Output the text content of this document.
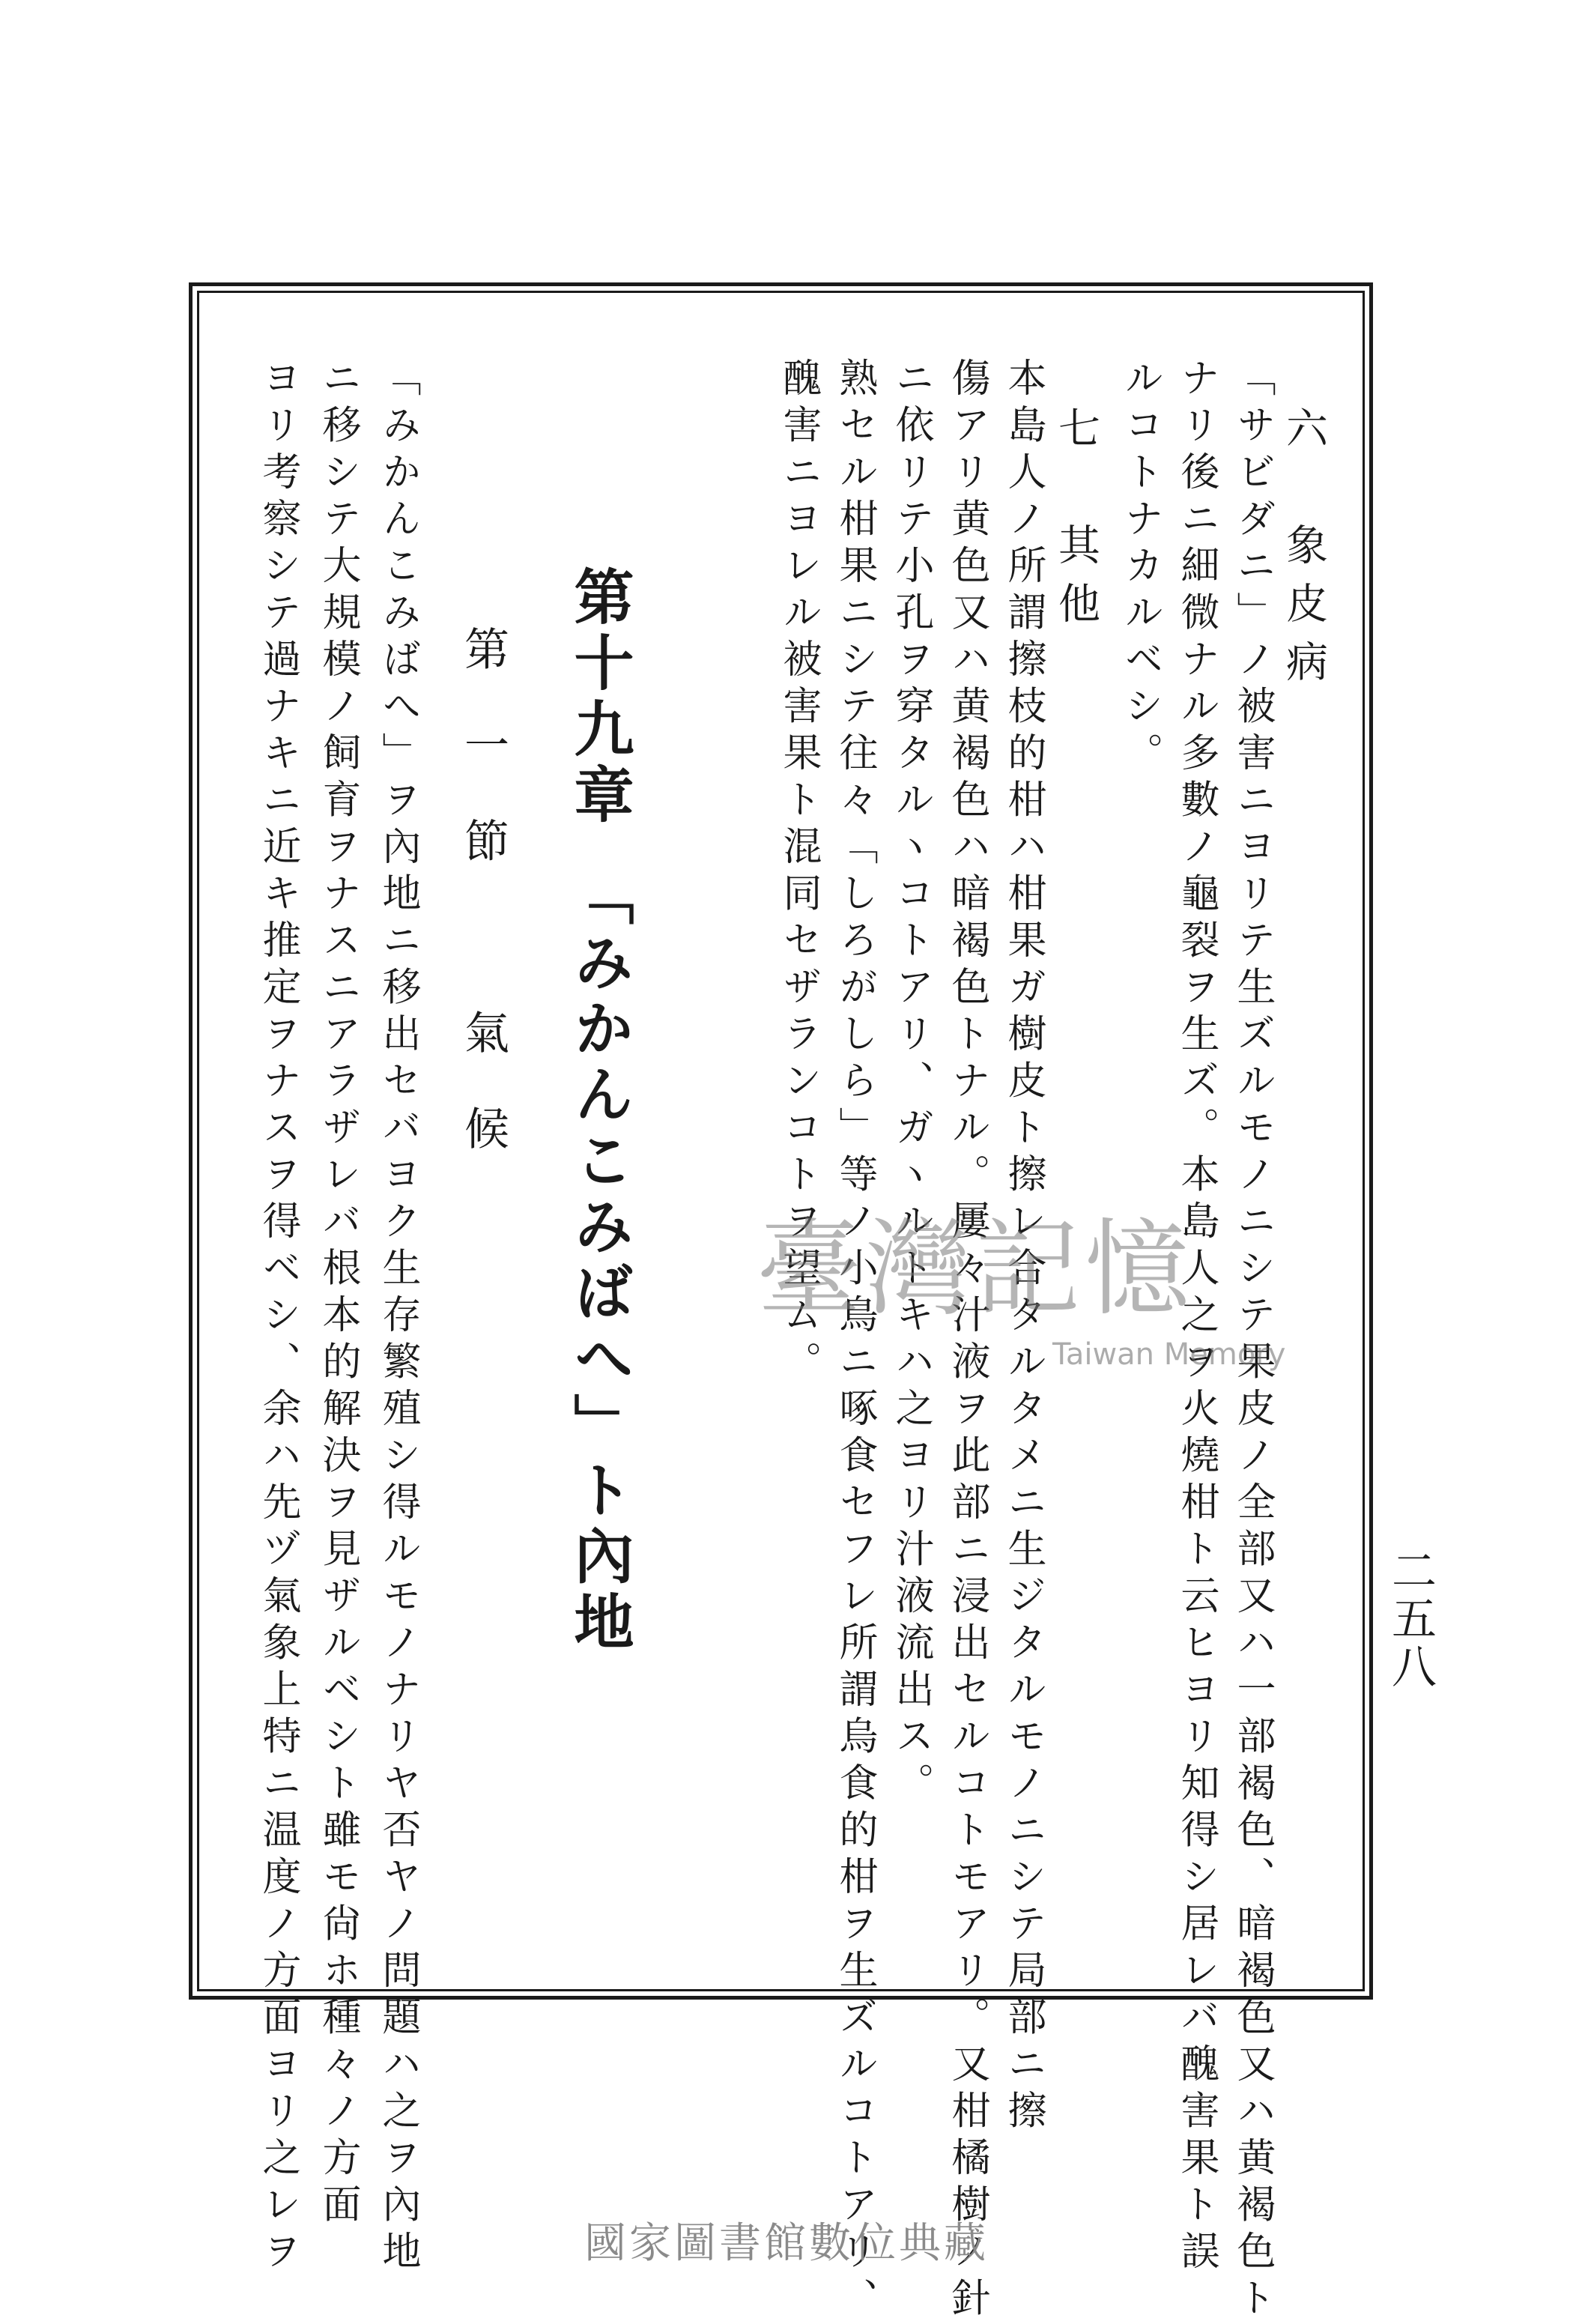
六　象皮病
「サビダニ」ノ被害ニヨリテ生ズルモノニシテ果皮ノ全部又ハ一部褐色、暗褐色又ハ黄褐色ト
ナリ後ニ細微ナル多數ノ龜裂ヲ生ズ。本島人之ヲ火燒柑ト云ヒヨリ知得シ居レバ醜害果ト誤
ルコトナカルベシ。
七　其他
本島人ノ所謂擦枝的柑ハ柑果ガ樹皮ト擦レ合タルタメニ生ジタルモノニシテ局部ニ擦
傷アリ黄色又ハ黄褐色ハ暗褐色トナル。屢々汁液ヲ此部ニ浸出セルコトモアリ。又柑橘樹ノ針
ニ依リテ小孔ヲ穿タルヽコトアリ、ガヽルトキハ之ヨリ汁液流出ス。
熟セル柑果ニシテ往々「しろがしら」等ノ小鳥ニ啄食セフレ所謂烏食的柑ヲ生ズルコトアリ、
醜害ニヨレル被害果ト混同セザランコトヲ望ム。
第十九章　「みかんこみばへ」ト內地
第一節　氣候
「みかんこみばへ」ヲ內地ニ移出セバヨク生存繁殖シ得ルモノナリヤ否ヤノ問題ハ之ヲ內地
ニ移シテ大規模ノ飼育ヲナスニアラザレバ根本的解決ヲ見ザルベシト雖モ尙ホ種々ノ方面
ヨリ考察シテ過ナキニ近キ推定ヲナスヲ得ベシ、余ハ先ヅ氣象上特ニ温度ノ方面ヨリ之レヲ	二五八
臺灣記憶
Taiwan Memory
國家圖書館數位典藏
